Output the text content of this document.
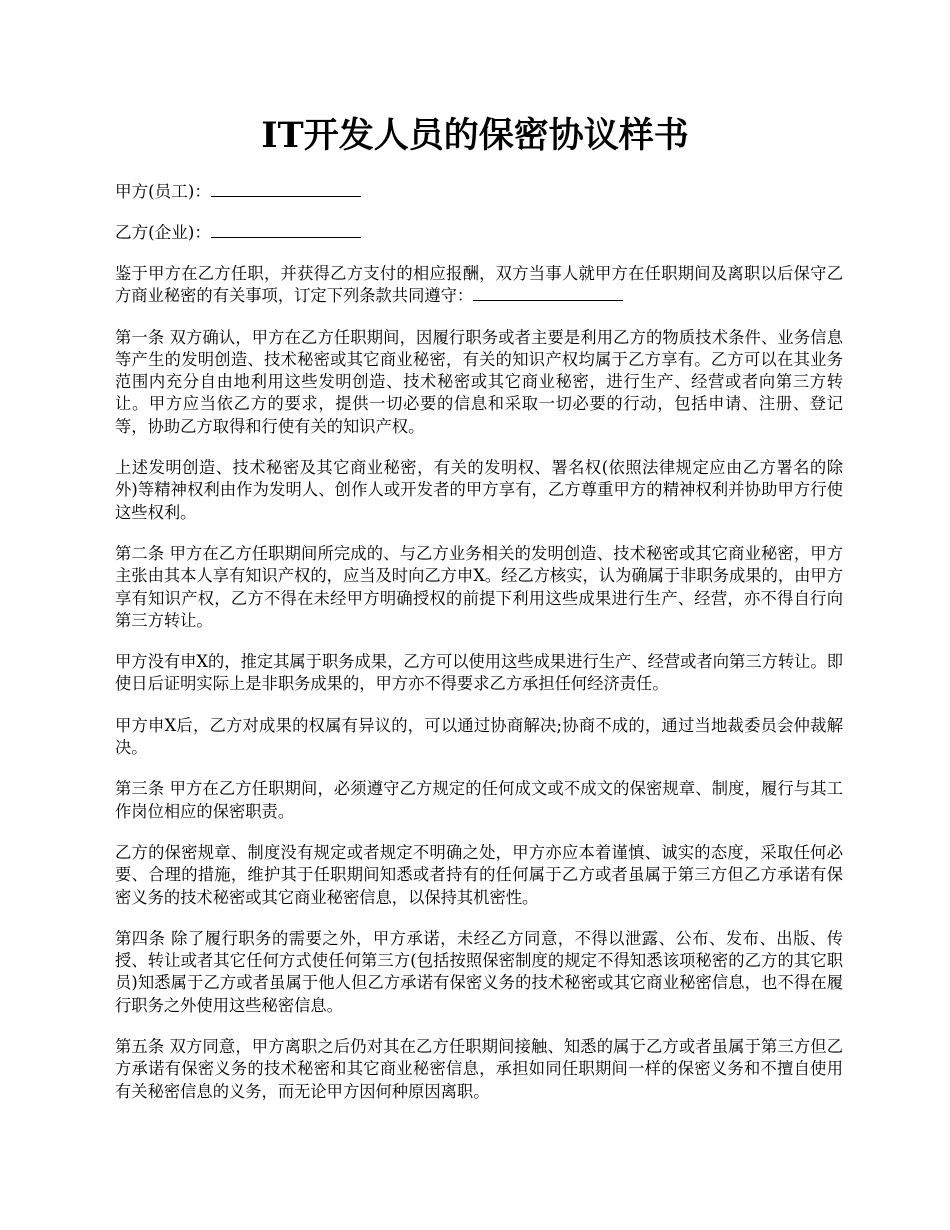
IT开发人员的保密协议样书

甲方(员工)：

乙方(企业)：

鉴于甲方在乙方任职，并获得乙方支付的相应报酬，双方当事人就甲方在任职期间及离职以后保守乙方商业秘密的有关事项，订定下列条款共同遵守：

第一条 双方确认，甲方在乙方任职期间，因履行职务或者主要是利用乙方的物质技术条件、业务信息等产生的发明创造、技术秘密或其它商业秘密，有关的知识产权均属于乙方享有。乙方可以在其业务范围内充分自由地利用这些发明创造、技术秘密或其它商业秘密，进行生产、经营或者向第三方转让。甲方应当依乙方的要求，提供一切必要的信息和采取一切必要的行动，包括申请、注册、登记等，协助乙方取得和行使有关的知识产权。

上述发明创造、技术秘密及其它商业秘密，有关的发明权、署名权(依照法律规定应由乙方署名的除外)等精神权利由作为发明人、创作人或开发者的甲方享有，乙方尊重甲方的精神权利并协助甲方行使这些权利。

第二条 甲方在乙方任职期间所完成的、与乙方业务相关的发明创造、技术秘密或其它商业秘密，甲方主张由其本人享有知识产权的，应当及时向乙方申X。经乙方核实，认为确属于非职务成果的，由甲方享有知识产权，乙方不得在未经甲方明确授权的前提下利用这些成果进行生产、经营，亦不得自行向第三方转让。

甲方没有申X的，推定其属于职务成果，乙方可以使用这些成果进行生产、经营或者向第三方转让。即使日后证明实际上是非职务成果的，甲方亦不得要求乙方承担任何经济责任。

甲方申X后，乙方对成果的权属有异议的，可以通过协商解决;协商不成的，通过当地裁委员会仲裁解决。

第三条 甲方在乙方任职期间，必须遵守乙方规定的任何成文或不成文的保密规章、制度，履行与其工作岗位相应的保密职责。

乙方的保密规章、制度没有规定或者规定不明确之处，甲方亦应本着谨慎、诚实的态度，采取任何必要、合理的措施，维护其于任职期间知悉或者持有的任何属于乙方或者虽属于第三方但乙方承诺有保密义务的技术秘密或其它商业秘密信息，以保持其机密性。

第四条 除了履行职务的需要之外，甲方承诺，未经乙方同意，不得以泄露、公布、发布、出版、传授、转让或者其它任何方式使任何第三方(包括按照保密制度的规定不得知悉该项秘密的乙方的其它职员)知悉属于乙方或者虽属于他人但乙方承诺有保密义务的技术秘密或其它商业秘密信息，也不得在履行职务之外使用这些秘密信息。

第五条 双方同意，甲方离职之后仍对其在乙方任职期间接触、知悉的属于乙方或者虽属于第三方但乙方承诺有保密义务的技术秘密和其它商业秘密信息，承担如同任职期间一样的保密义务和不擅自使用有关秘密信息的义务，而无论甲方因何种原因离职。
